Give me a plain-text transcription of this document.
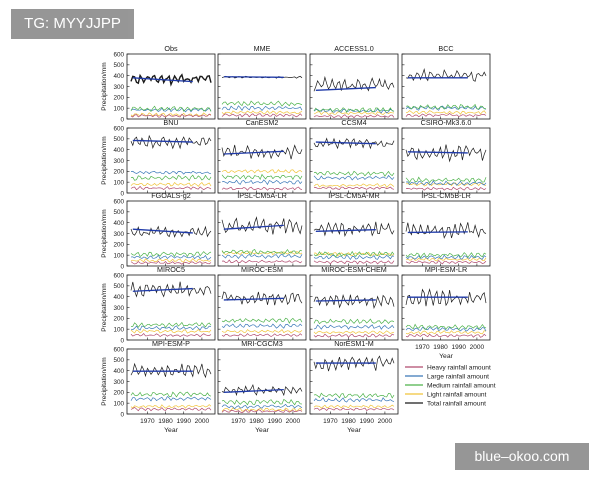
Obs
0
100
200
300
400
500
600
Precipitation/mm
MME	ACCESS1.0	BCC
BNU
0
100
200
300
400
500
600
Precipitation/mm
CanESM2	CCSM4	CSIRO-Mk3.6.0
FGOALS-g2
0
100
200
300
400
500
600
Precipitation/mm
IPSL-CM5A-LR	IPSL-CM5A-MR	IPSL-CM5B-LR
MIROC5
0
100
200
300
400
500
600
Precipitation/mm
MIROC-ESM	MIROC-ESM-CHEM	MPI-ESM-LR
1970 1980 1990 2000
Year
MPI-ESM-P
0
100
200
300
400
500
600
Precipitation/mm
1970 1980 1990 2000
Year
MRI-CGCM3
1970 1980 1990 2000
Year
NorESM1-M
1970 1980 1990 2000
Year
Heavy rainfall amount
Large rainfall amount
Medium rainfall amount
Light rainfall amount
Total rainfall amount
TG: MYYJJPP
blue–okoo.com
